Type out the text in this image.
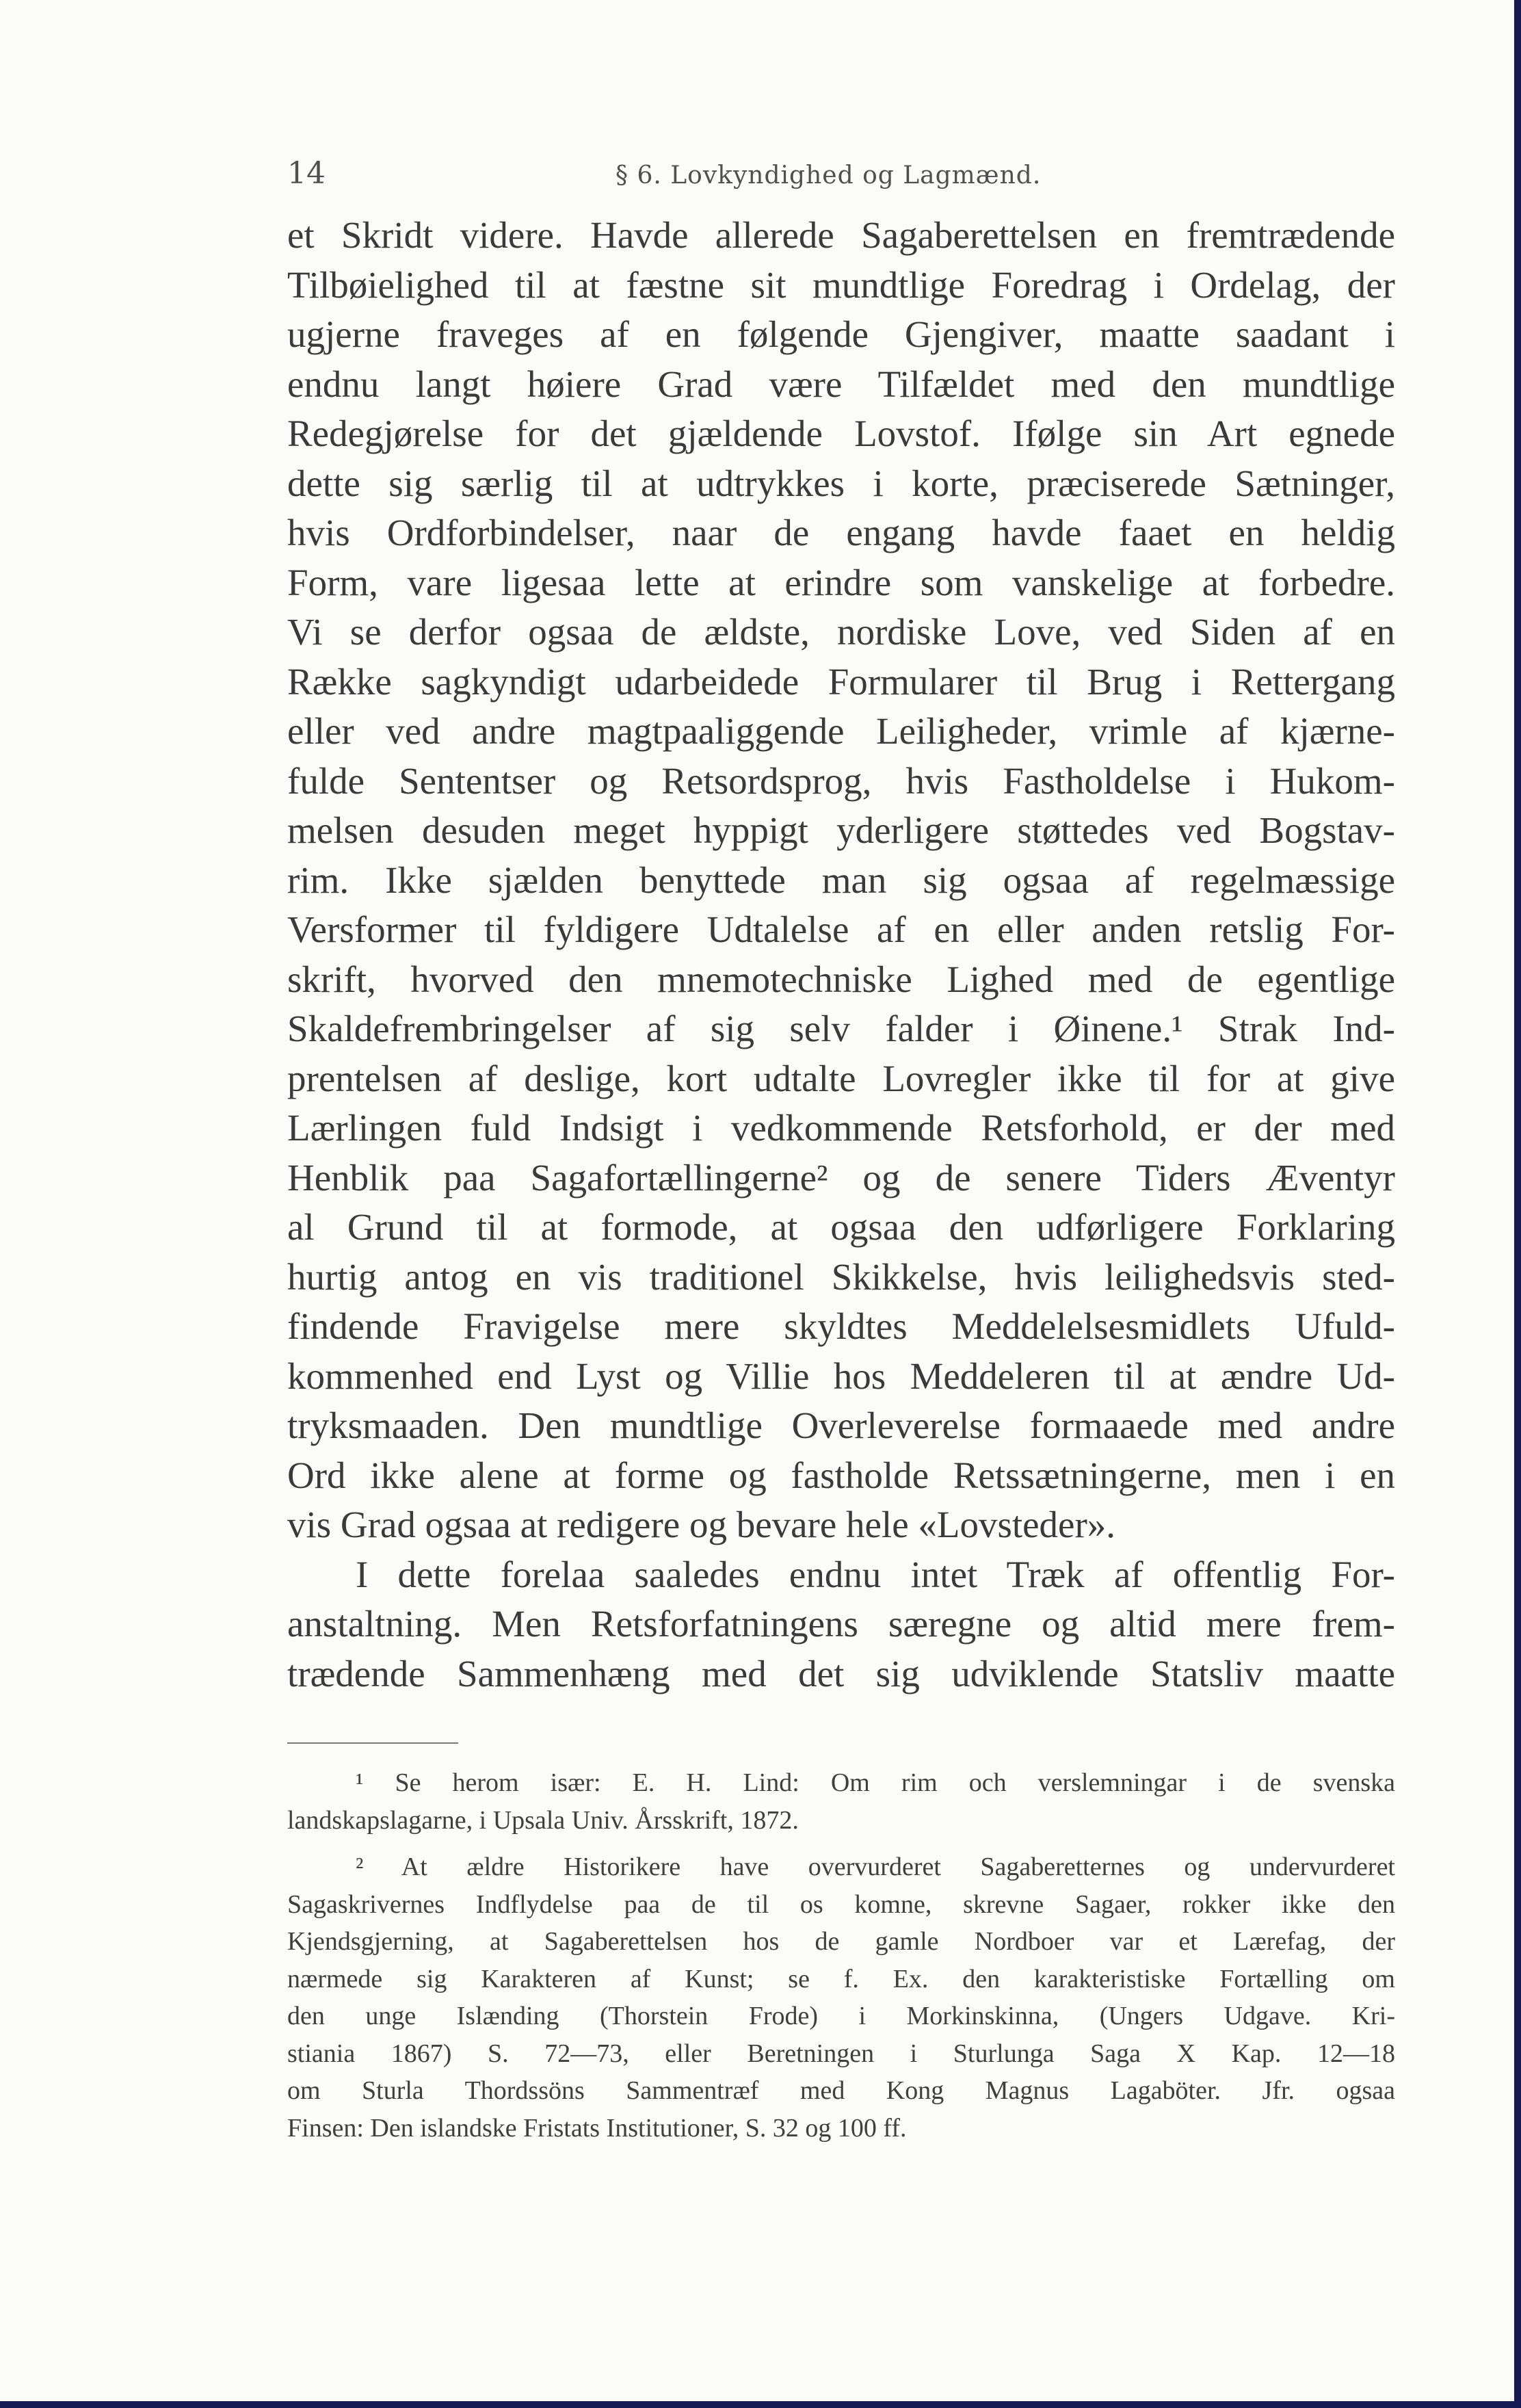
14	§ 6. Lovkyndighed og Lagmænd.
et Skridt videre. Havde allerede Sagaberettelsen en fremtrædende
Tilbøielighed til at fæstne sit mundtlige Foredrag i Ordelag, der
ugjerne fraveges af en følgende Gjengiver, maatte saadant i
endnu langt høiere Grad være Tilfældet med den mundtlige
Redegjørelse for det gjældende Lovstof. Ifølge sin Art egnede
dette sig særlig til at udtrykkes i korte, præciserede Sætninger,
hvis Ordforbindelser, naar de engang havde faaet en heldig
Form, vare ligesaa lette at erindre som vanskelige at forbedre.
Vi se derfor ogsaa de ældste, nordiske Love, ved Siden af en
Række sagkyndigt udarbeidede Formularer til Brug i Rettergang
eller ved andre magtpaaliggende Leiligheder, vrimle af kjærne-
fulde Sententser og Retsordsprog, hvis Fastholdelse i Hukom-
melsen desuden meget hyppigt yderligere støttedes ved Bogstav-
rim. Ikke sjælden benyttede man sig ogsaa af regelmæssige
Versformer til fyldigere Udtalelse af en eller anden retslig For-
skrift, hvorved den mnemotechniske Lighed med de egentlige
Skaldefrembringelser af sig selv falder i Øinene.¹ Strak Ind-
prentelsen af deslige, kort udtalte Lovregler ikke til for at give
Lærlingen fuld Indsigt i vedkommende Retsforhold, er der med
Henblik paa Sagafortællingerne² og de senere Tiders Æventyr
al Grund til at formode, at ogsaa den udførligere Forklaring
hurtig antog en vis traditionel Skikkelse, hvis leilighedsvis sted-
findende Fravigelse mere skyldtes Meddelelsesmidlets Ufuld-
kommenhed end Lyst og Villie hos Meddeleren til at ændre Ud-
tryksmaaden. Den mundtlige Overleverelse formaaede med andre
Ord ikke alene at forme og fastholde Retssætningerne, men i en
vis Grad ogsaa at redigere og bevare hele «Lovsteder».
I dette forelaa saaledes endnu intet Træk af offentlig For-
anstaltning. Men Retsforfatningens særegne og altid mere frem-
trædende Sammenhæng med det sig udviklende Statsliv maatte
¹ Se herom især: E. H. Lind: Om rim och verslemningar i de svenska
landskapslagarne, i Upsala Univ. Årsskrift, 1872.
² At ældre Historikere have overvurderet Sagaberetternes og undervurderet
Sagaskrivernes Indflydelse paa de til os komne, skrevne Sagaer, rokker ikke den
Kjendsgjerning, at Sagaberettelsen hos de gamle Nordboer var et Lærefag, der
nærmede sig Karakteren af Kunst; se f. Ex. den karakteristiske Fortælling om
den unge Islænding (Thorstein Frode) i Morkinskinna, (Ungers Udgave. Kri-
stiania 1867) S. 72—73, eller Beretningen i Sturlunga Saga X Kap. 12—18
om Sturla Thordssöns Sammentræf med Kong Magnus Lagaböter. Jfr. ogsaa
Finsen: Den islandske Fristats Institutioner, S. 32 og 100 ff.
